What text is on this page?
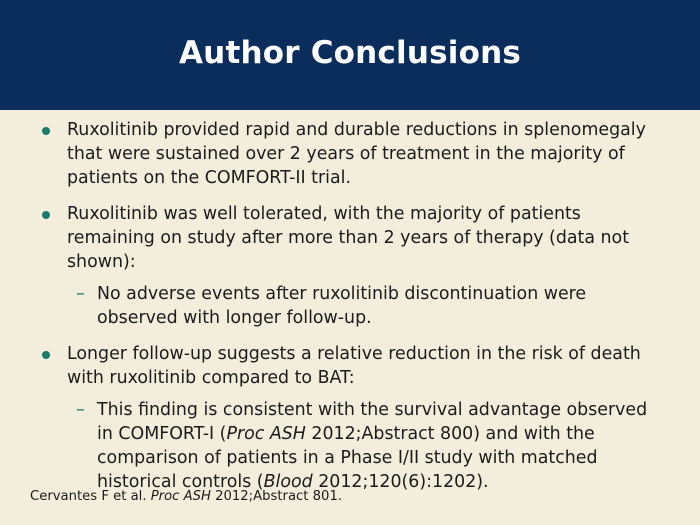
Author Conclusions
Ruxolitinib provided rapid and durable reductions in splenomegaly that were sustained over 2 years of treatment in the majority of patients on the COMFORT-II trial.
Ruxolitinib was well tolerated, with the majority of patients remaining on study after more than 2 years of therapy (data not shown):
– No adverse events after ruxolitinib discontinuation were observed with longer follow-up.
Longer follow-up suggests a relative reduction in the risk of death with ruxolitinib compared to BAT:
– This finding is consistent with the survival advantage observed in COMFORT-I (Proc ASH 2012;Abstract 800) and with the comparison of patients in a Phase I/II study with matched historical controls (Blood 2012;120(6):1202).
Cervantes F et al. Proc ASH 2012;Abstract 801.
